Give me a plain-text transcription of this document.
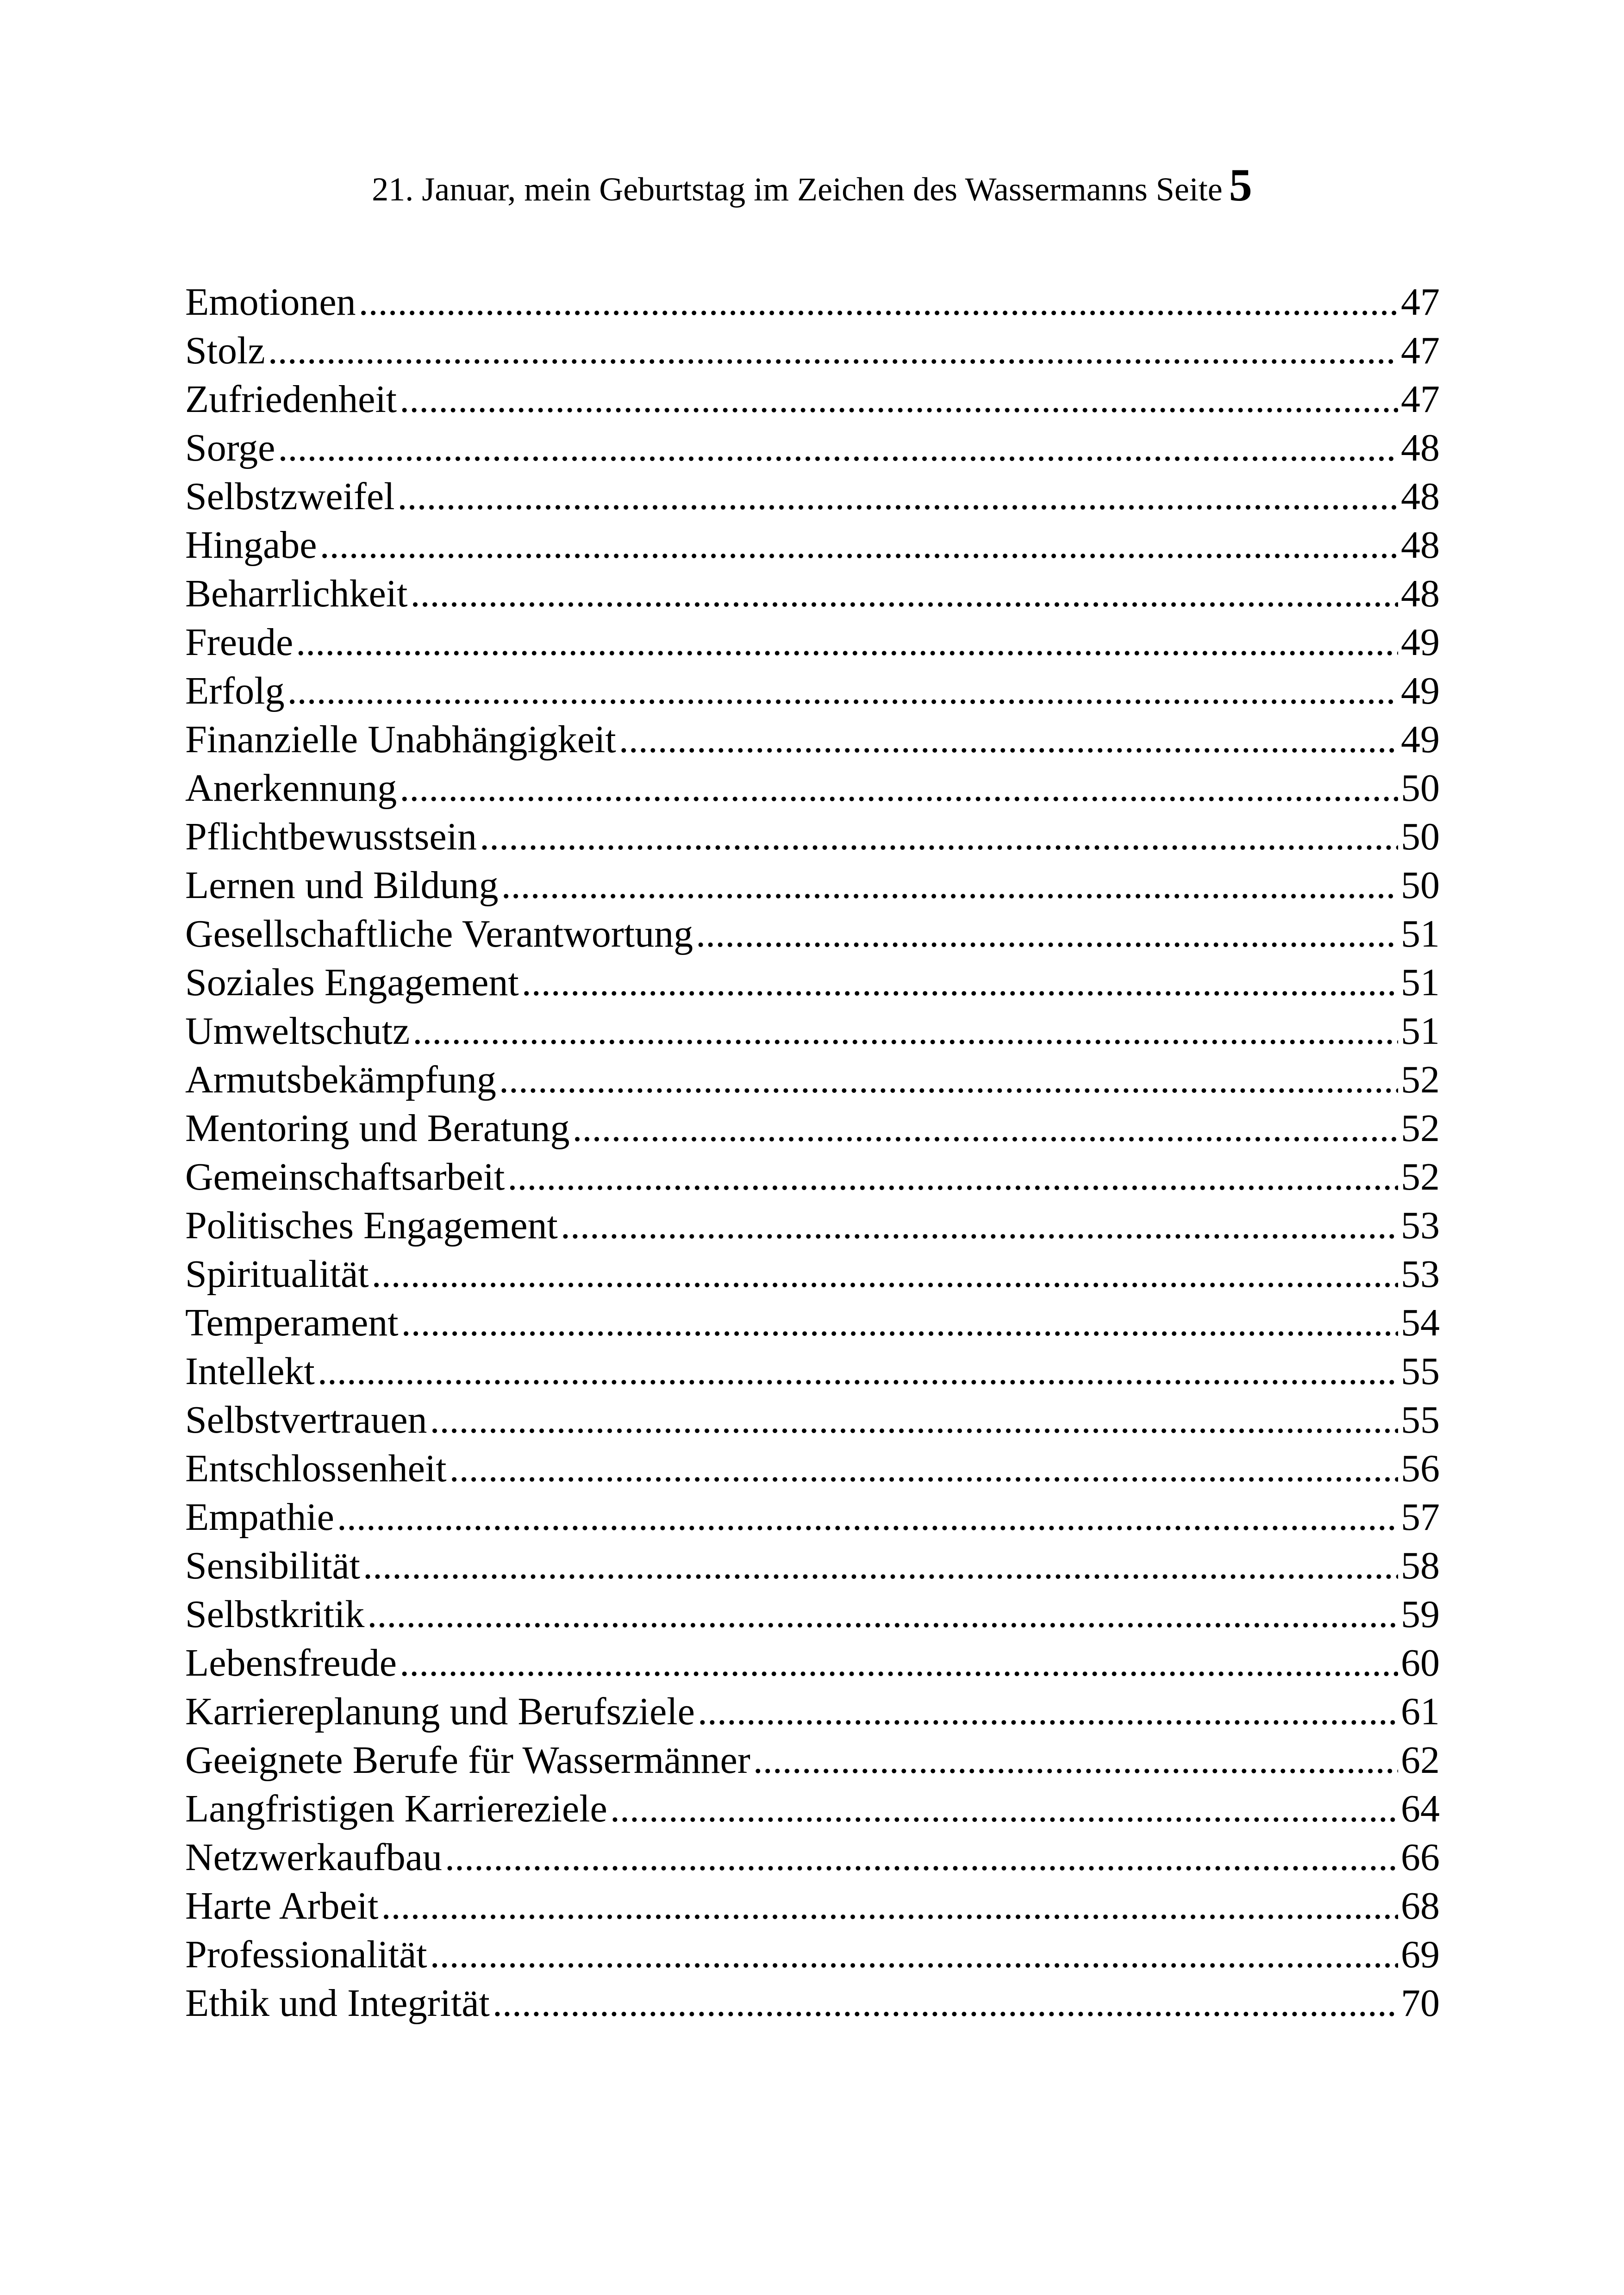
21. Januar, mein Geburtstag im Zeichen des Wassermanns Seite 5
Emotionen .....	47
Stolz .....	47
Zufriedenheit .....	47
Sorge .....	48
Selbstzweifel .....	48
Hingabe .....	48
Beharrlichkeit .....	48
Freude .....	49
Erfolg .....	49
Finanzielle Unabhängigkeit .....	49
Anerkennung .....	50
Pflichtbewusstsein .....	50
Lernen und Bildung .....	50
Gesellschaftliche Verantwortung .....	51
Soziales Engagement .....	51
Umweltschutz .....	51
Armutsbekämpfung .....	52
Mentoring und Beratung .....	52
Gemeinschaftsarbeit .....	52
Politisches Engagement .....	53
Spiritualität .....	53
Temperament .....	54
Intellekt .....	55
Selbstvertrauen .....	55
Entschlossenheit .....	56
Empathie .....	57
Sensibilität .....	58
Selbstkritik .....	59
Lebensfreude .....	60
Karriereplanung und Berufsziele .....	61
Geeignete Berufe für Wassermänner .....	62
Langfristigen Karriereziele .....	64
Netzwerkaufbau .....	66
Harte Arbeit .....	68
Professionalität .....	69
Ethik und Integrität .....	70
